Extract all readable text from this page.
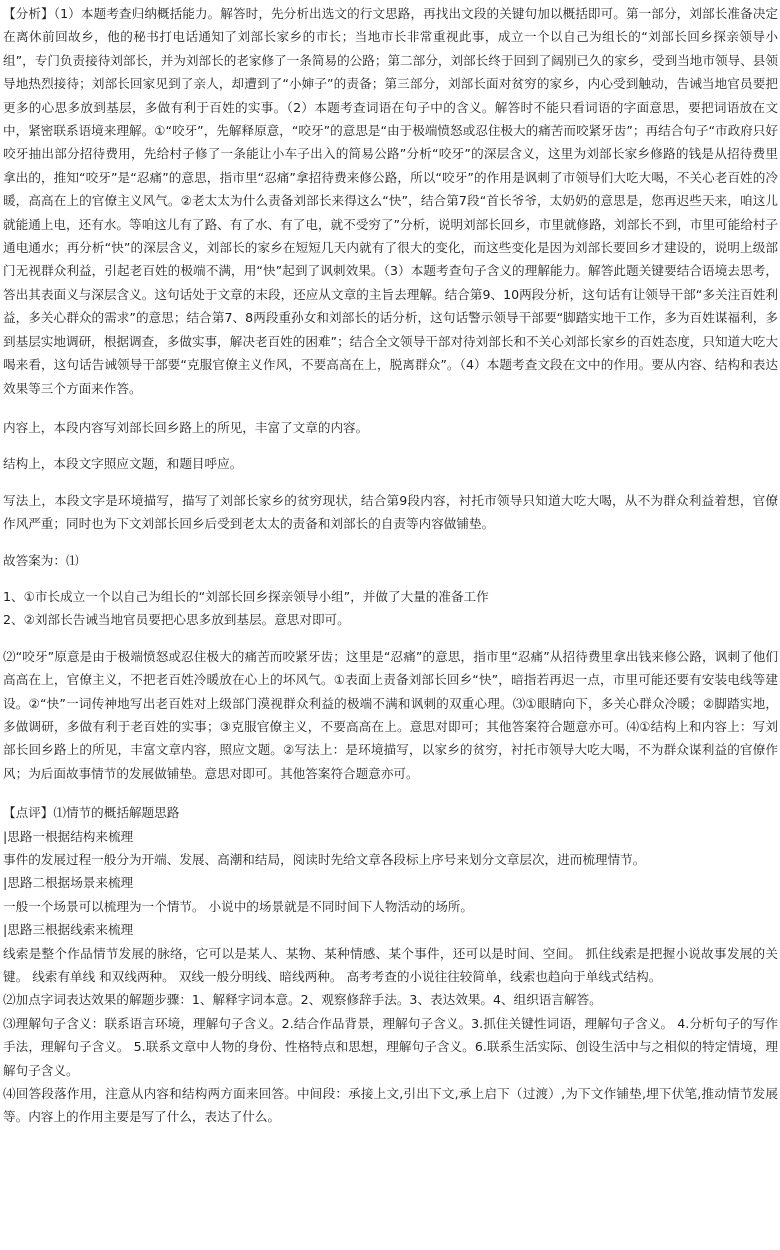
【分析】（1）本题考查归纳概括能力。解答时，先分析出选文的行文思路，再找出文段的关键句加以概括即可。第一部分，刘部长准备决定在离休前回故乡，他的秘书打电话通知了刘部长家乡的市长；当地市长非常重视此事，成立一个以自己为组长的“刘部长回乡探亲领导小组”，专门负责接待刘部长，并为刘部长的老家修了一条简易的公路；第二部分，刘部长终于回到了阔别已久的家乡，受到当地市领导、县领导地热烈接待；刘部长回家见到了亲人，却遭到了“小婶子”的责备；第三部分，刘部长面对贫穷的家乡，内心受到触动，告诫当地官员要把更多的心思多放到基层，多做有利于百姓的实事。（2）本题考查词语在句子中的含义。解答时不能只看词语的字面意思，要把词语放在文中，紧密联系语境来理解。①“咬牙”，先解释原意，“咬牙”的意思是“由于极端愤怒或忍住极大的痛苦而咬紧牙齿”；再结合句子“市政府只好咬牙抽出部分招待费用，先给村子修了一条能让小车子出入的简易公路”分析“咬牙”的深层含义，这里为刘部长家乡修路的钱是从招待费里拿出的，推知“咬牙”是“忍痛”的意思，指市里“忍痛”拿招待费来修公路，所以“咬牙”的作用是讽刺了市领导们大吃大喝，不关心老百姓的冷暖，高高在上的官僚主义风气。②老太太为什么责备刘部长来得这么“快”，结合第7段“首长爷爷，太奶奶的意思是，您再迟些天来，咱这儿就能通上电，还有水。等咱这儿有了路、有了水、有了电，就不受穷了”分析，说明刘部长回乡，市里就修路，刘部长不到，市里可能给村子通电通水；再分析“快”的深层含义，刘部长的家乡在短短几天内就有了很大的变化，而这些变化是因为刘部长要回乡才建设的，说明上级部门无视群众利益，引起老百姓的极端不满，用“快”起到了讽刺效果。（3）本题考查句子含义的理解能力。解答此题关键要结合语境去思考，答出其表面义与深层含义。这句话处于文章的末段，还应从文章的主旨去理解。结合第9、10两段分析，这句话有让领导干部“多关注百姓利益，多关心群众的需求”的意思；结合第7、8两段重孙女和刘部长的话分析，这句话警示领导干部要“脚踏实地干工作，多为百姓谋福利，多到基层实地调研，根据调查，多做实事，解决老百姓的困难”；结合全文领导干部对待刘部长和不关心刘部长家乡的百姓态度，只知道大吃大喝来看，这句话告诫领导干部要“克服官僚主义作风，不要高高在上，脱离群众”。（4）本题考查文段在文中的作用。要从内容、结构和表达效果等三个方面来作答。

内容上，本段内容写刘部长回乡路上的所见，丰富了文章的内容。

结构上，本段文字照应文题，和题目呼应。

写法上，本段文字是环境描写，描写了刘部长家乡的贫穷现状，结合第9段内容，衬托市领导只知道大吃大喝，从不为群众利益着想，官僚作风严重；同时也为下文刘部长回乡后受到老太太的责备和刘部长的自责等内容做铺垫。

故答案为：⑴

1、①市长成立一个以自己为组长的“刘部长回乡探亲领导小组”，并做了大量的准备工作

2、②刘部长告诫当地官员要把心思多放到基层。意思对即可。

⑵“咬牙”原意是由于极端愤怒或忍住极大的痛苦而咬紧牙齿；这里是“忍痛”的意思，指市里“忍痛”从招待费里拿出钱来修公路，讽刺了他们高高在上，官僚主义，不把老百姓冷暖放在心上的坏风气。①表面上责备刘部长回乡“快”，暗指若再迟一点，市里可能还要有安装电线等建设。②“快”一词传神地写出老百姓对上级部门漠视群众利益的极端不满和讽刺的双重心理。⑶①眼睛向下，多关心群众冷暖；②脚踏实地，多做调研，多做有利于老百姓的实事；③克服官僚主义，不要高高在上。意思对即可；其他答案符合题意亦可。⑷①结构上和内容上：写刘部长回乡路上的所见，丰富文章内容，照应文题。②写法上：是环境描写，以家乡的贫穷，衬托市领导大吃大喝，不为群众谋利益的官僚作风；为后面故事情节的发展做铺垫。意思对即可。其他答案符合题意亦可。

【点评】⑴情节的概括解题思路

|思路一根据结构来梳理

事件的发展过程一般分为开端、发展、高潮和结局，阅读时先给文章各段标上序号来划分文章层次，进而梳理情节。

|思路二根据场景来梳理

一般一个场景可以梳理为一个情节。 小说中的场景就是不同时间下人物活动的场所。

|思路三根据线索来梳理

线索是整个作品情节发展的脉络，它可以是某人、某物、某种情感、某个事件，还可以是时间、空间。 抓住线索是把握小说故事发展的关键。 线索有单线 和双线两种。 双线一般分明线、暗线两种。 高考考查的小说往往较简单，线索也趋向于单线式结构。

⑵加点字词表达效果的解题步骤：1、解释字词本意。2、观察修辞手法。3、表达效果。4、组织语言解答。

⑶理解句子含义：联系语言环境，理解句子含义。2.结合作品背景，理解句子含义。3.抓住关键性词语，理解句子含义。 4.分析句子的写作手法，理解句子含义。 5.联系文章中人物的身份、性格特点和思想，理解句子含义。6.联系生活实际、创设生活中与之相似的特定情境，理解句子含义。

⑷回答段落作用，注意从内容和结构两方面来回答。中间段：承接上文,引出下文,承上启下（过渡）,为下文作铺垫,埋下伏笔,推动情节发展等。内容上的作用主要是写了什么，表达了什么。
